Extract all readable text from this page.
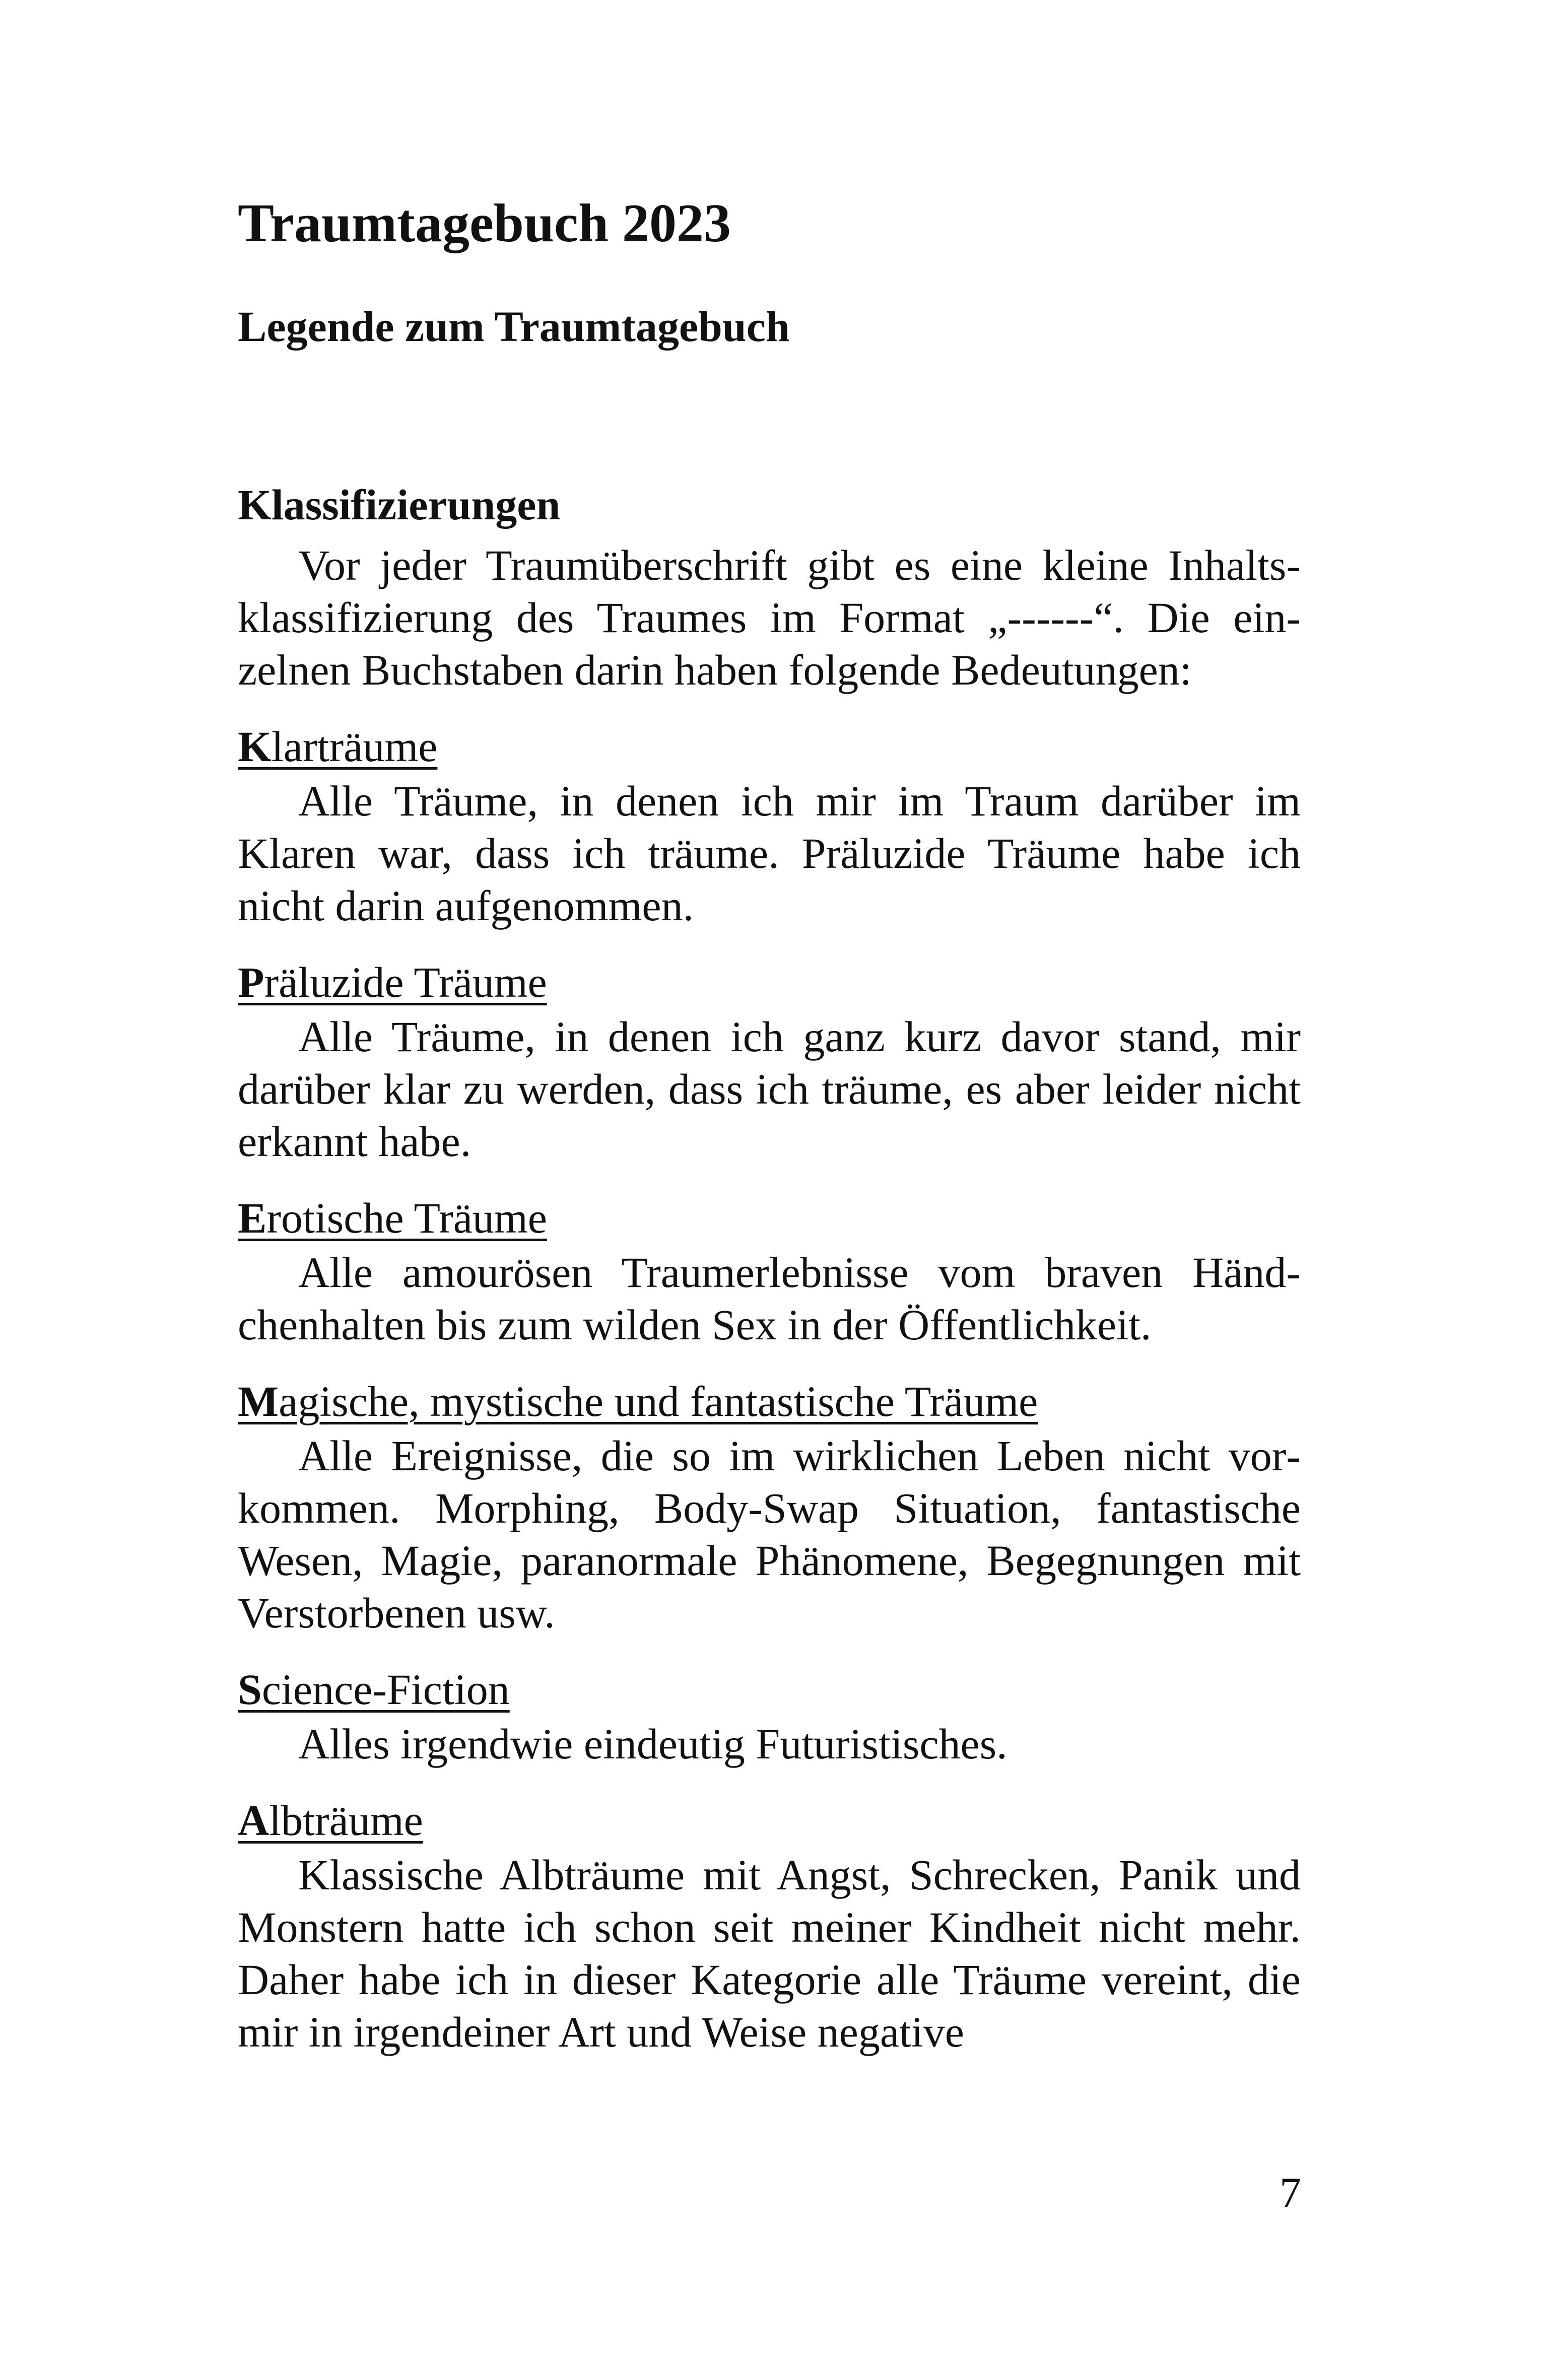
Traumtagebuch 2023
Legende zum Traumtagebuch
Klassifizierungen

Vor jeder Traumüberschrift gibt es eine kleine Inhaltsklassifizierung des Traumes im Format „------“. Die einzelnen Buchstaben darin haben folgende Bedeutungen:

Klarträume

Alle Träume, in denen ich mir im Traum darüber im Klaren war, dass ich träume. Präluzide Träume habe ich nicht darin aufgenommen.

Präluzide Träume

Alle Träume, in denen ich ganz kurz davor stand, mir darüber klar zu werden, dass ich träume, es aber leider nicht erkannt habe.

Erotische Träume

Alle amourösen Traumerlebnisse vom braven Händchenhalten bis zum wilden Sex in der Öffentlichkeit.

Magische, mystische und fantastische Träume

Alle Ereignisse, die so im wirklichen Leben nicht vorkommen. Morphing, Body-Swap Situation, fantastische Wesen, Magie, paranormale Phänomene, Begegnungen mit Verstorbenen usw.

Science-Fiction

Alles irgendwie eindeutig Futuristisches.

Albträume

Klassische Albträume mit Angst, Schrecken, Panik und Monstern hatte ich schon seit meiner Kindheit nicht mehr. Daher habe ich in dieser Kategorie alle Träume vereint, die mir in irgendeiner Art und Weise negative

7
